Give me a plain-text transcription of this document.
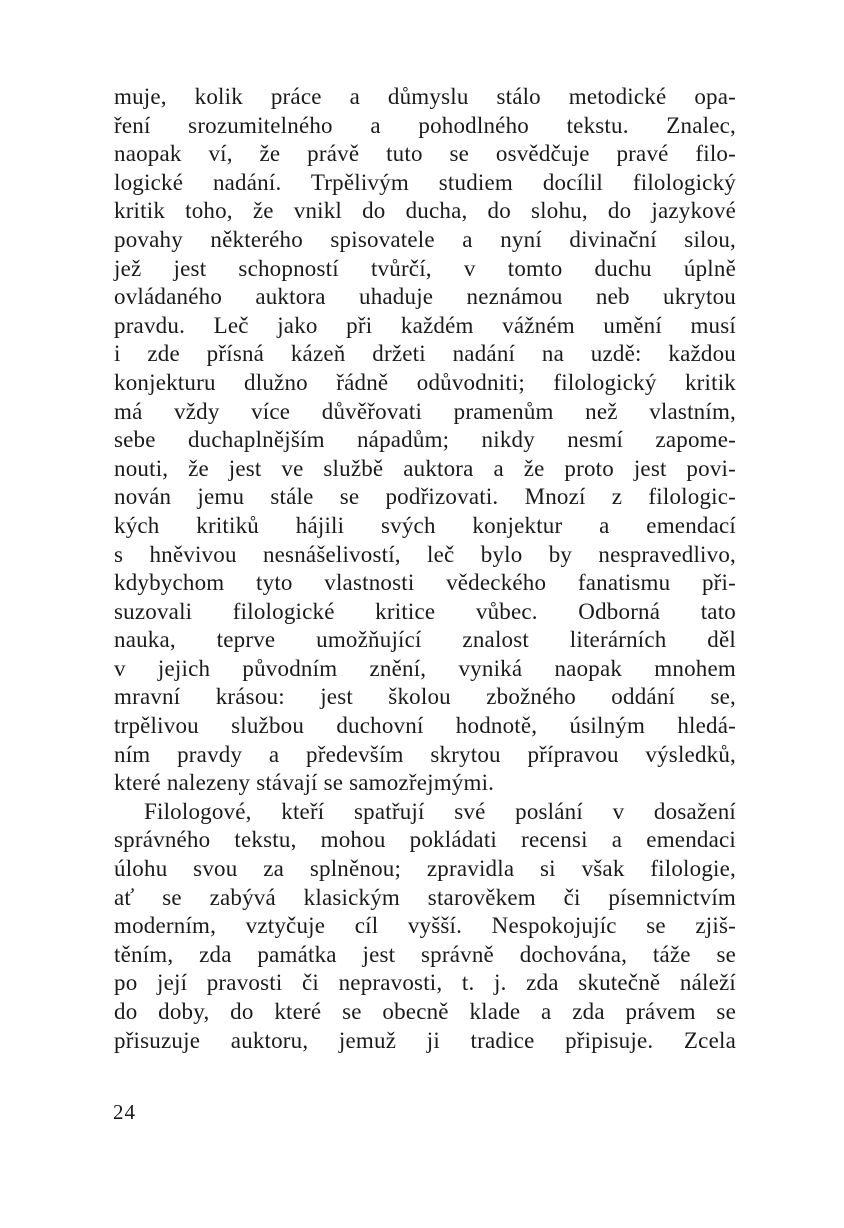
muje, kolik práce a důmyslu stálo metodické opa-
ření srozumitelného a pohodlného tekstu. Znalec,
naopak ví, že právě tuto se osvědčuje pravé filo-
logické nadání. Trpělivým studiem docílil filologický
kritik toho, že vnikl do ducha, do slohu, do jazykové
povahy některého spisovatele a nyní divinační silou,
jež jest schopností tvůrčí, v tomto duchu úplně
ovládaného auktora uhaduje neznámou neb ukrytou
pravdu. Leč jako při každém vážném umění musí
i zde přísná kázeň držeti nadání na uzdě: každou
konjekturu dlužno řádně odůvodniti; filologický kritik
má vždy více důvěřovati pramenům než vlastním,
sebe duchaplnějším nápadům; nikdy nesmí zapome-
nouti, že jest ve službě auktora a že proto jest povi-
nován jemu stále se podřizovati. Mnozí z filologic-
kých kritiků hájili svých konjektur a emendací
s hněvivou nesnášelivostí, leč bylo by nespravedlivo,
kdybychom tyto vlastnosti vědeckého fanatismu při-
suzovali filologické kritice vůbec. Odborná tato
nauka, teprve umožňující znalost literárních děl
v jejich původním znění, vyniká naopak mnohem
mravní krásou: jest školou zbožného oddání se,
trpělivou službou duchovní hodnotě, úsilným hledá-
ním pravdy a především skrytou přípravou výsledků,
které nalezeny stávají se samozřejmými.
Filologové, kteří spatřují své poslání v dosažení
správného tekstu, mohou pokládati recensi a emendaci
úlohu svou za splněnou; zpravidla si však filologie,
ať se zabývá klasickým starověkem či písemnictvím
moderním, vztyčuje cíl vyšší. Nespokojujíc se zjiš-
těním, zda památka jest správně dochována, táže se
po její pravosti či nepravosti, t. j. zda skutečně náleží
do doby, do které se obecně klade a zda právem se
přisuzuje auktoru, jemuž ji tradice připisuje. Zcela
24
